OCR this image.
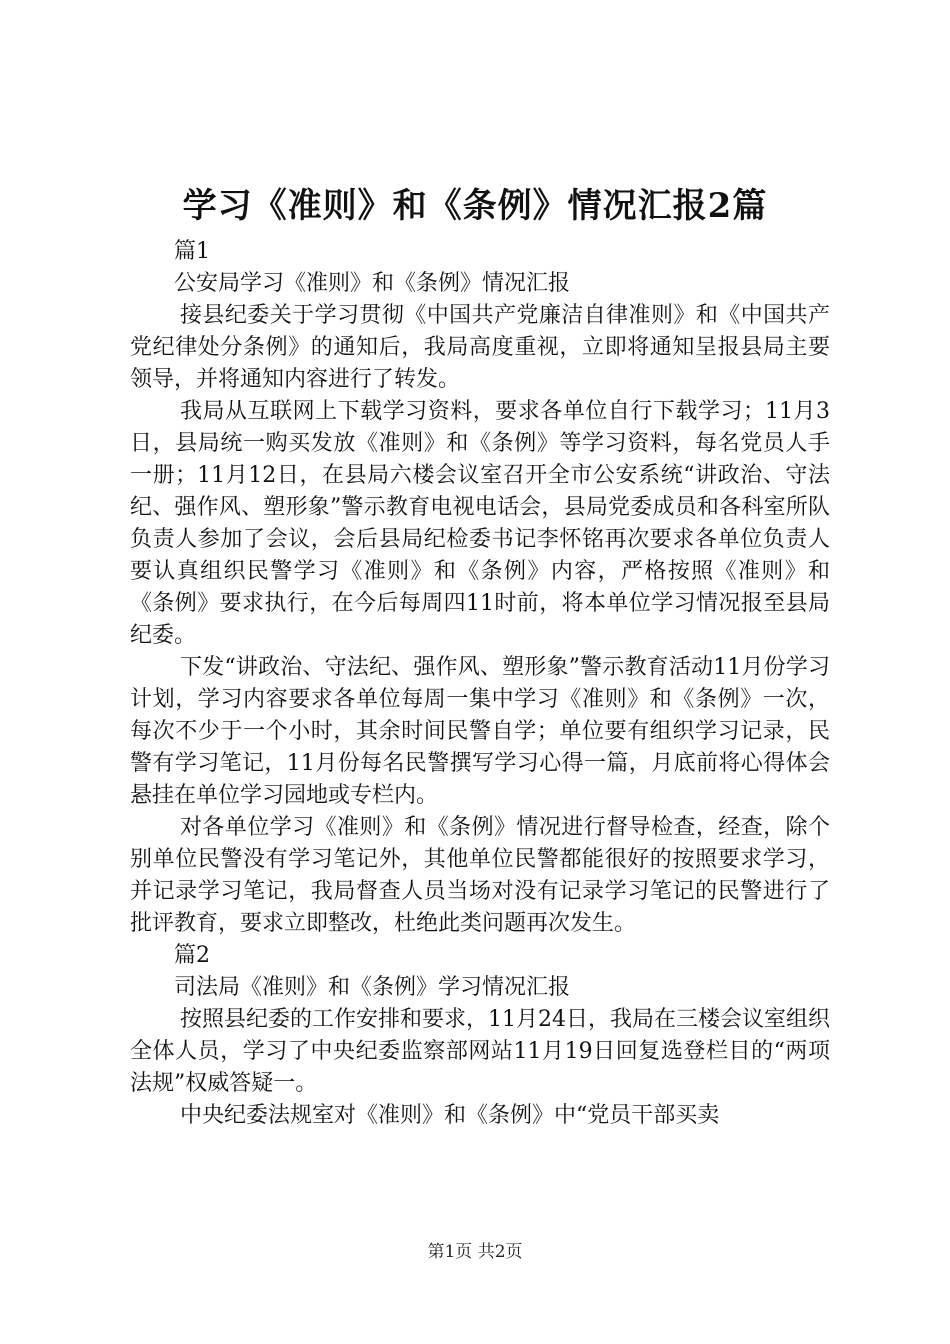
学习《准则》和《条例》情况汇报2篇

篇1

公安局学习《准则》和《条例》情况汇报

接县纪委关于学习贯彻《中国共产党廉洁自律准则》和《中国共产党纪律处分条例》的通知后，我局高度重视，立即将通知呈报县局主要领导，并将通知内容进行了转发。

我局从互联网上下载学习资料，要求各单位自行下载学习；11月3日，县局统一购买发放《准则》和《条例》等学习资料，每名党员人手一册；11月12日，在县局六楼会议室召开全市公安系统“讲政治、守法纪、强作风、塑形象”警示教育电视电话会，县局党委成员和各科室所队负责人参加了会议，会后县局纪检委书记李怀铭再次要求各单位负责人要认真组织民警学习《准则》和《条例》内容，严格按照《准则》和《条例》要求执行，在今后每周四11时前，将本单位学习情况报至县局纪委。

下发“讲政治、守法纪、强作风、塑形象”警示教育活动11月份学习计划，学习内容要求各单位每周一集中学习《准则》和《条例》一次，每次不少于一个小时，其余时间民警自学；单位要有组织学习记录，民警有学习笔记，11月份每名民警撰写学习心得一篇，月底前将心得体会悬挂在单位学习园地或专栏内。

对各单位学习《准则》和《条例》情况进行督导检查，经查，除个别单位民警没有学习笔记外，其他单位民警都能很好的按照要求学习，并记录学习笔记，我局督查人员当场对没有记录学习笔记的民警进行了批评教育，要求立即整改，杜绝此类问题再次发生。

篇2

司法局《准则》和《条例》学习情况汇报

按照县纪委的工作安排和要求，11月24日，我局在三楼会议室组织全体人员，学习了中央纪委监察部网站11月19日回复选登栏目的“两项法规”权威答疑一。

中央纪委法规室对《准则》和《条例》中“党员干部买卖

第1页 共2页
